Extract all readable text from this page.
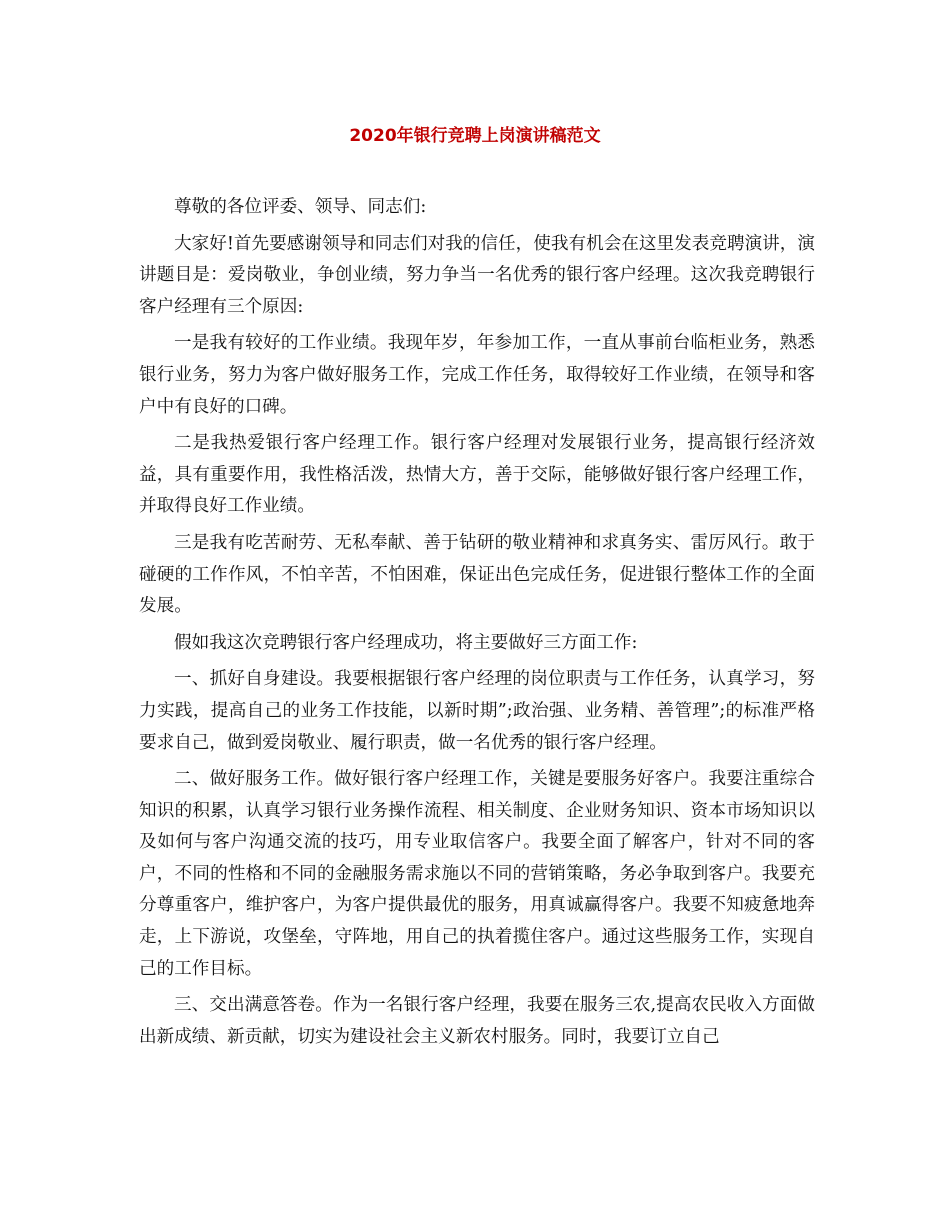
2020年银行竞聘上岗演讲稿范文

尊敬的各位评委、领导、同志们:

大家好!首先要感谢领导和同志们对我的信任，使我有机会在这里发表竞聘演讲，演讲题目是：爱岗敬业，争创业绩，努力争当一名优秀的银行客户经理。这次我竞聘银行客户经理有三个原因:

一是我有较好的工作业绩。我现年岁，年参加工作，一直从事前台临柜业务，熟悉银行业务，努力为客户做好服务工作，完成工作任务，取得较好工作业绩，在领导和客户中有良好的口碑。

二是我热爱银行客户经理工作。银行客户经理对发展银行业务，提高银行经济效益，具有重要作用，我性格活泼，热情大方，善于交际，能够做好银行客户经理工作，并取得良好工作业绩。

三是我有吃苦耐劳、无私奉献、善于钻研的敬业精神和求真务实、雷厉风行。敢于碰硬的工作作风，不怕辛苦，不怕困难，保证出色完成任务，促进银行整体工作的全面发展。

假如我这次竞聘银行客户经理成功，将主要做好三方面工作:

一、抓好自身建设。我要根据银行客户经理的岗位职责与工作任务，认真学习，努力实践，提高自己的业务工作技能，以新时期”;政治强、业务精、善管理”;的标准严格要求自己，做到爱岗敬业、履行职责，做一名优秀的银行客户经理。

二、做好服务工作。做好银行客户经理工作，关键是要服务好客户。我要注重综合知识的积累，认真学习银行业务操作流程、相关制度、企业财务知识、资本市场知识以及如何与客户沟通交流的技巧，用专业取信客户。我要全面了解客户，针对不同的客户，不同的性格和不同的金融服务需求施以不同的营销策略，务必争取到客户。我要充分尊重客户，维护客户，为客户提供最优的服务，用真诚赢得客户。我要不知疲惫地奔走，上下游说，攻堡垒，守阵地，用自己的执着揽住客户。通过这些服务工作，实现自己的工作目标。

三、交出满意答卷。作为一名银行客户经理，我要在服务三农,提高农民收入方面做出新成绩、新贡献，切实为建设社会主义新农村服务。同时，我要订立自己
